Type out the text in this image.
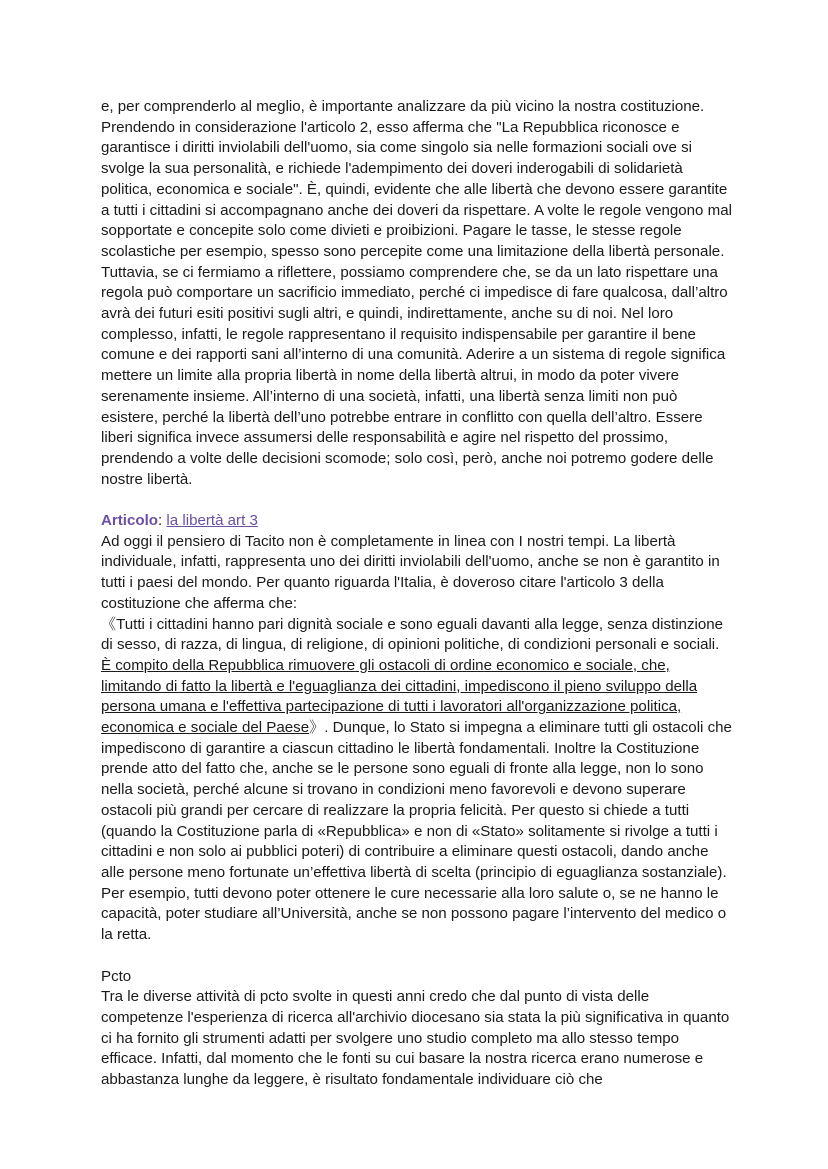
e, per comprenderlo al meglio, è importante analizzare da più vicino la nostra costituzione. Prendendo in considerazione l'articolo 2, esso afferma che "La Repubblica riconosce e garantisce i diritti inviolabili dell'uomo, sia come singolo sia nelle formazioni sociali ove si svolge la sua personalità, e richiede l'adempimento dei doveri inderogabili di solidarietà politica, economica e sociale". È, quindi, evidente che alle libertà che devono essere garantite a tutti i cittadini si accompagnano anche dei doveri da rispettare. A volte le regole vengono mal sopportate e concepite solo come divieti e proibizioni. Pagare le tasse, le stesse regole scolastiche per esempio, spesso sono percepite come una limitazione della libertà personale. Tuttavia, se ci fermiamo a riflettere, possiamo comprendere che, se da un lato rispettare una regola può comportare un sacrificio immediato, perché ci impedisce di fare qualcosa, dall’altro avrà dei futuri esiti positivi sugli altri, e quindi, indirettamente, anche su di noi. Nel loro complesso, infatti, le regole rappresentano il requisito indispensabile per garantire il bene comune e dei rapporti sani all’interno di una comunità. Aderire a un sistema di regole significa mettere un limite alla propria libertà in nome della libertà altrui, in modo da poter vivere serenamente insieme. All’interno di una società, infatti, una libertà senza limiti non può esistere, perché la libertà dell’uno potrebbe entrare in conflitto con quella dell’altro. Essere liberi significa invece assumersi delle responsabilità e agire nel rispetto del prossimo, prendendo a volte delle decisioni scomode; solo così, però, anche noi potremo godere delle nostre libertà.

Articolo: la libertà art 3

Ad oggi il pensiero di Tacito non è completamente in linea con I nostri tempi. La libertà individuale, infatti, rappresenta uno dei diritti inviolabili dell'uomo, anche se non è garantito in tutti i paesi del mondo. Per quanto riguarda l'Italia, è doveroso citare l'articolo 3 della costituzione che afferma che:
《Tutti i cittadini hanno pari dignità sociale e sono eguali davanti alla legge, senza distinzione di sesso, di razza, di lingua, di religione, di opinioni politiche, di condizioni personali e sociali. È compito della Repubblica rimuovere gli ostacoli di ordine economico e sociale, che, limitando di fatto la libertà e l'eguaglianza dei cittadini, impediscono il pieno sviluppo della persona umana e l'effettiva partecipazione di tutti i lavoratori all'organizzazione politica, economica e sociale del Paese》. Dunque, lo Stato si impegna a eliminare tutti gli ostacoli che impediscono di garantire a ciascun cittadino le libertà fondamentali. Inoltre la Costituzione prende atto del fatto che, anche se le persone sono eguali di fronte alla legge, non lo sono nella società, perché alcune si trovano in condizioni meno favorevoli e devono superare ostacoli più grandi per cercare di realizzare la propria felicità. Per questo si chiede a tutti (quando la Costituzione parla di «Repubblica» e non di «Stato» solitamente si rivolge a tutti i cittadini e non solo ai pubblici poteri) di contribuire a eliminare questi ostacoli, dando anche alle persone meno fortunate un’effettiva libertà di scelta (principio di eguaglianza sostanziale). Per esempio, tutti devono poter ottenere le cure necessarie alla loro salute o, se ne hanno le capacità, poter studiare all’Università, anche se non possono pagare l’intervento del medico o la retta.

Pcto

Tra le diverse attività di pcto svolte in questi anni credo che dal punto di vista delle competenze l'esperienza di ricerca all'archivio diocesano sia stata la più significativa in quanto ci ha fornito gli strumenti adatti per svolgere uno studio completo ma allo stesso tempo efficace. Infatti, dal momento che le fonti su cui basare la nostra ricerca erano numerose e abbastanza lunghe da leggere, è risultato fondamentale individuare ciò che
